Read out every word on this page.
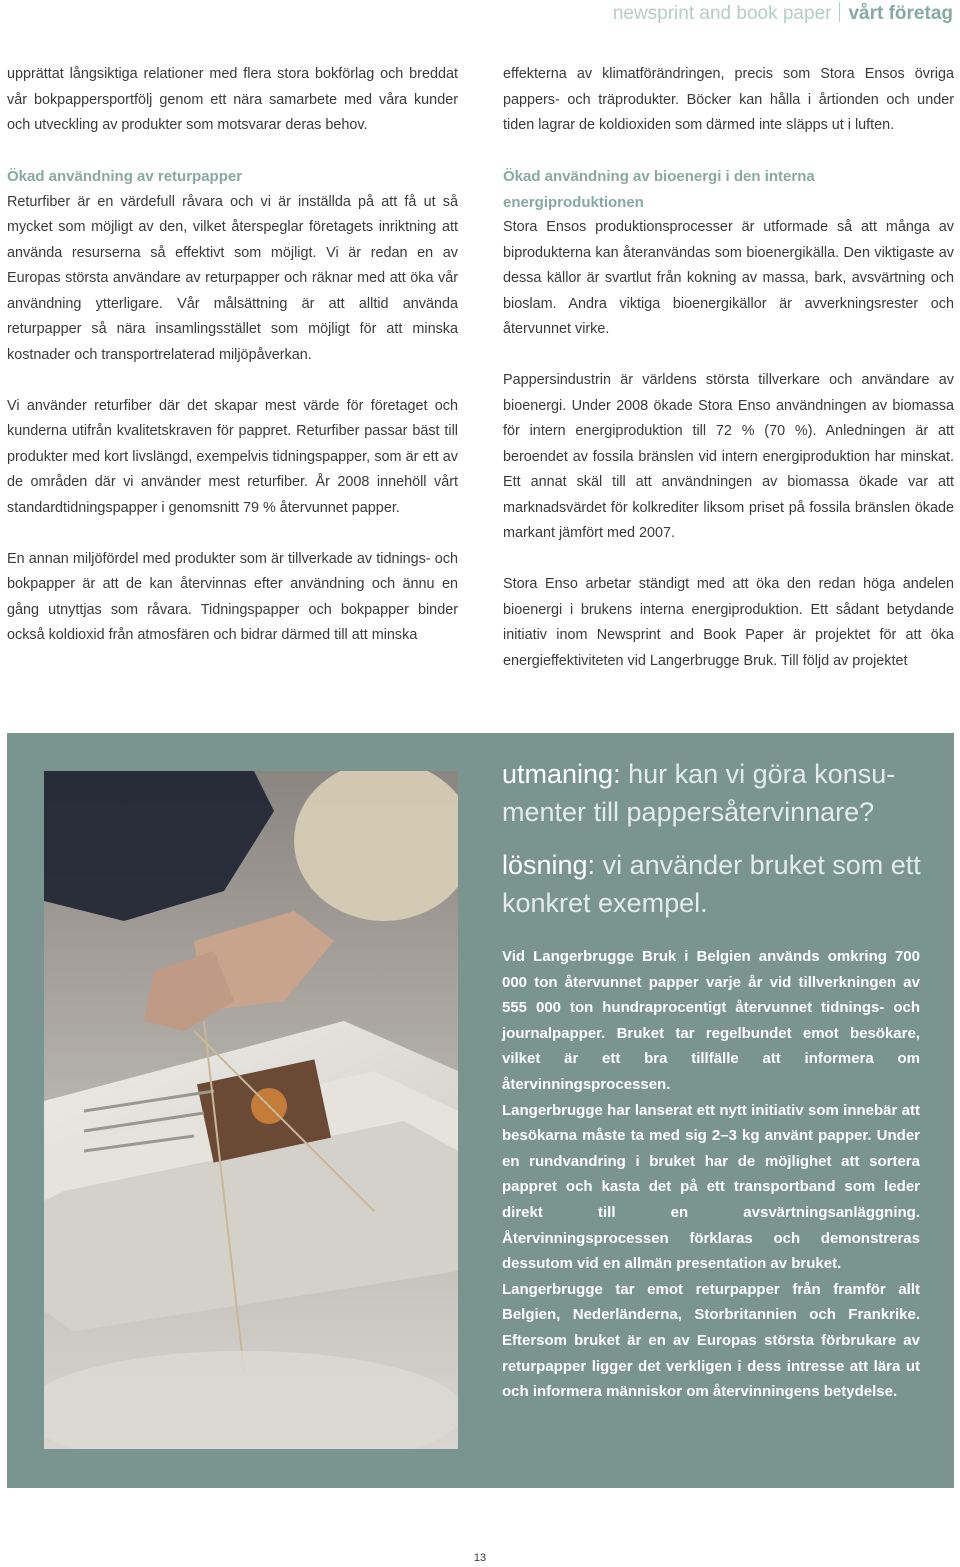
newsprint and book paper vårt företag

upprättat långsiktiga relationer med flera stora bokförlag och breddat vår bokpappersportfölj genom ett nära samarbete med våra kunder och utveckling av produkter som motsvarar deras behov.

Ökad användning av returpapper

Returfiber är en värdefull råvara och vi är inställda på att få ut så mycket som möjligt av den, vilket återspeglar företagets inriktning att använda resurserna så effektivt som möjligt. Vi är redan en av Europas största användare av returpapper och räknar med att öka vår användning ytterligare. Vår målsättning är att alltid använda returpapper så nära insamlingsstället som möjligt för att minska kostnader och transportrelaterad miljöpåverkan.

Vi använder returfiber där det skapar mest värde för företaget och kunderna utifrån kvalitetskraven för pappret. Returfiber passar bäst till produkter med kort livslängd, exempelvis tidningspapper, som är ett av de områden där vi använder mest returfiber. År 2008 innehöll vårt standardtidningspapper i genomsnitt 79 % återvunnet papper.

En annan miljöfördel med produkter som är tillverkade av tidnings- och bokpapper är att de kan återvinnas efter användning och ännu en gång utnyttjas som råvara. Tidningspapper och bokpapper binder också koldioxid från atmosfären och bidrar därmed till att minska

effekterna av klimatförändringen, precis som Stora Ensos övriga pappers- och träprodukter. Böcker kan hålla i årtionden och under tiden lagrar de koldioxiden som därmed inte släpps ut i luften.

Ökad användning av bioenergi i den interna energiproduktionen

Stora Ensos produktionsprocesser är utformade så att många av biprodukterna kan återanvändas som bioenergikälla. Den viktigaste av dessa källor är svartlut från kokning av massa, bark, avsvärtning och bioslam. Andra viktiga bioenergikällor är avverkningsrester och återvunnet virke.

Pappersindustrin är världens största tillverkare och användare av bioenergi. Under 2008 ökade Stora Enso användningen av biomassa för intern energiproduktion till 72 % (70 %). Anledningen är att beroendet av fossila bränslen vid intern energiproduktion har minskat. Ett annat skäl till att användningen av biomassa ökade var att marknadsvärdet för kolkrediter liksom priset på fossila bränslen ökade markant jämfört med 2007.

Stora Enso arbetar ständigt med att öka den redan höga andelen bioenergi i brukens interna energiproduktion. Ett sådant betydande initiativ inom Newsprint and Book Paper är projektet för att öka energieffektiviteten vid Langerbrugge Bruk. Till följd av projektet

utmaning: hur kan vi göra konsu-menter till pappersåtervinnare?
lösning: vi använder bruket som ett konkret exempel.
Vid Langerbrugge Bruk i Belgien används omkring 700 000 ton återvunnet papper varje år vid tillverkningen av 555 000 ton hundraprocentigt återvunnet tidnings- och journalpapper. Bruket tar regelbundet emot besökare, vilket är ett bra tillfälle att informera om återvinningsprocessen.
Langerbrugge har lanserat ett nytt initiativ som innebär att besökarna måste ta med sig 2–3 kg använt papper. Under en rundvandring i bruket har de möjlighet att sortera pappret och kasta det på ett transportband som leder direkt till en avsvärtningsanläggning. Återvinningsprocessen förklaras och demonstreras dessutom vid en allmän presentation av bruket.
Langerbrugge tar emot returpapper från framför allt Belgien, Nederländerna, Storbritannien och Frankrike. Eftersom bruket är en av Europas största förbrukare av returpapper ligger det verkligen i dess intresse att lära ut och informera människor om återvinningens betydelse.
13
